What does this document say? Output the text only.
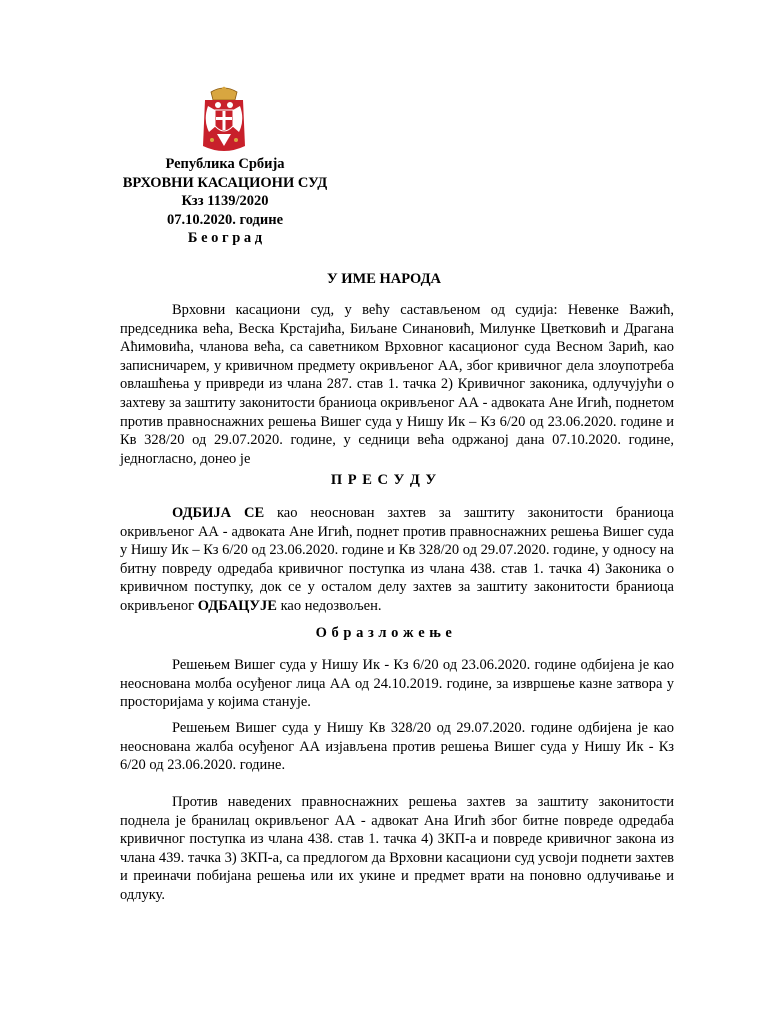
Република Србија
ВРХОВНИ КАСАЦИОНИ СУД
Кзз 1139/2020
07.10.2020. године
Б е о г р а д
У ИМЕ НАРОДА

Врховни касациони суд, у већу састављеном од судија: Невенке Важић, председника већа, Веска Крстајића, Биљане Синановић, Милунке Цветковић и Драгана Аћимовића, чланова већа, са саветником Врховног касационог суда Весном Зарић, као записничарем, у кривичном предмету окривљеног АА, због кривичног дела злоупотреба овлашћења у привреди из члана 287. став 1. тачка 2) Кривичног законика, одлучујући о захтеву за заштиту законитости браниоца окривљеног АА - адвоката Ане Игић, поднетом против правноснажних решења Вишег суда у Нишу Ик – Кз 6/20 од 23.06.2020. године и Кв 328/20 од 29.07.2020. године, у седници већа одржаној дана 07.10.2020. године, једногласно, донео је

П Р Е С У Д У

ОДБИЈА СЕ као неоснован захтев за заштиту законитости браниоца окривљеног АА - адвоката Ане Игић, поднет против правноснажних решења Вишег суда у Нишу Ик – Кз 6/20 од 23.06.2020. године и Кв 328/20 од 29.07.2020. године, у односу на битну повреду одредаба кривичног поступка из члана 438. став 1. тачка 4) Законика о кривичном поступку, док се у осталом делу захтев за заштиту законитости браниоца окривљеног ОДБАЦУЈЕ као недозвољен.

О б р а з л о ж е њ е

Решењем Вишег суда у Нишу Ик - Кз 6/20 од 23.06.2020. године одбијена је као неоснована молба осуђеног лица АА од 24.10.2019. године, за извршење казне затвора у просторијама у којима станује.

Решењем Вишег суда у Нишу Кв 328/20 од 29.07.2020. године одбијена је као неоснована жалба осуђеног АА изјављена против решења Вишег суда у Нишу Ик - Кз 6/20 од 23.06.2020. године.

Против наведених правноснажних решења захтев за заштиту законитости поднела је бранилац окривљеног АА - адвокат Ана Игић због битне повреде одредаба кривичног поступка из члана 438. став 1. тачка 4) ЗКП-а и повреде кривичног закона из члана 439. тачка 3) ЗКП-а, са предлогом да Врховни касациони суд усвоји поднети захтев и преиначи побијана решења или их укине и предмет врати на поновно одлучивање и одлуку.
